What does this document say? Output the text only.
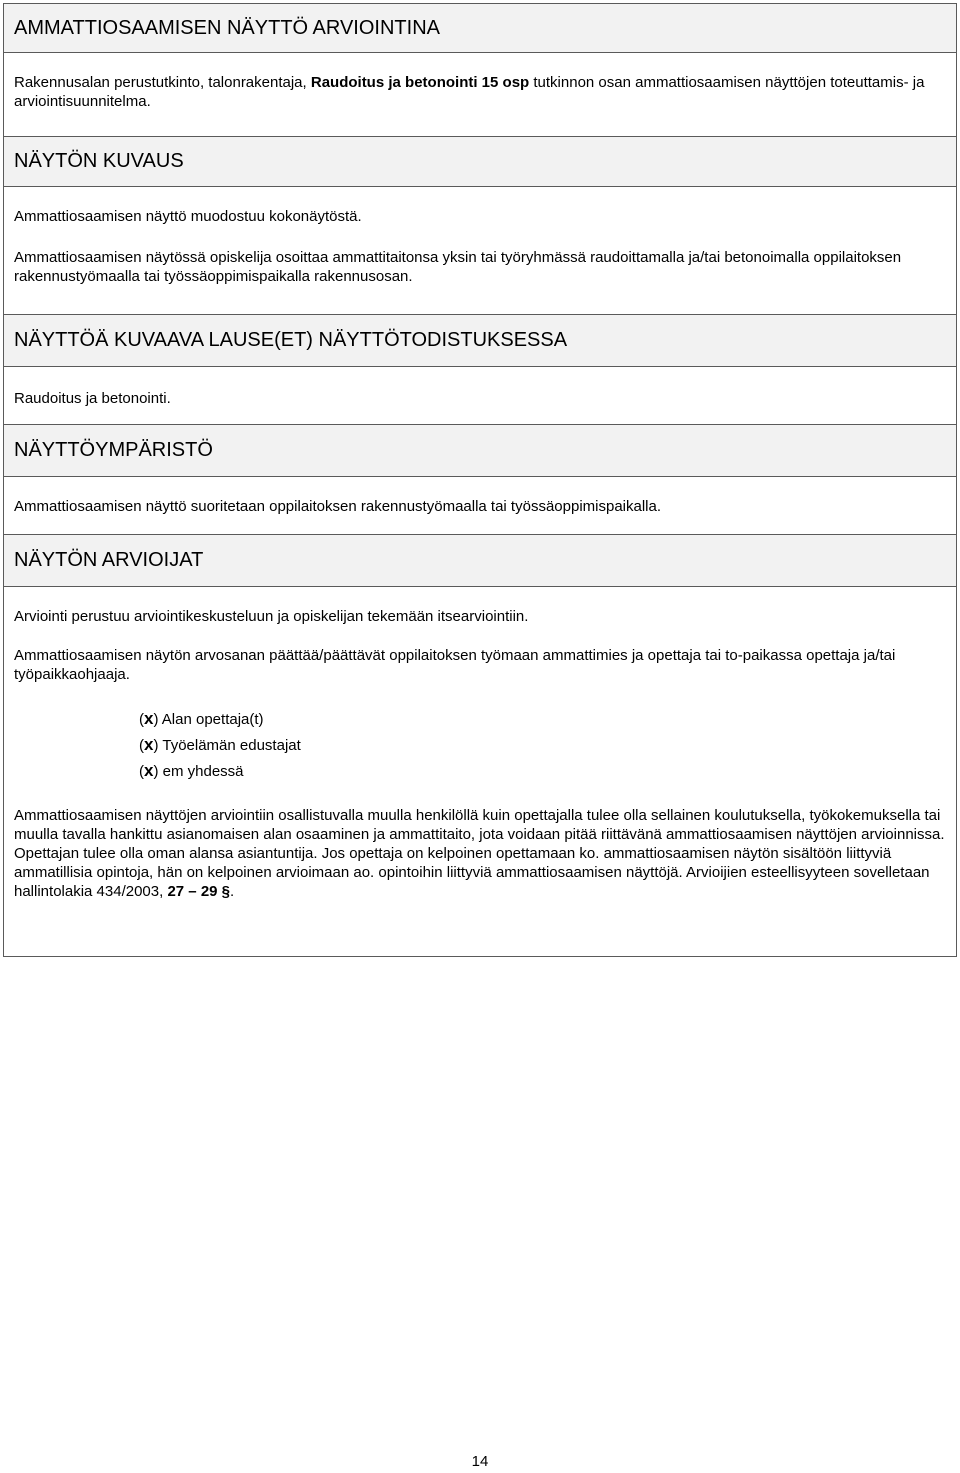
AMMATTIOSAAMISEN NÄYTTÖ ARVIOINTINA
Rakennusalan perustutkinto, talonrakentaja, Raudoitus ja betonointi 15 osp tutkinnon osan ammattiosaamisen näyttöjen toteuttamis- ja arviointisuunnitelma.
NÄYTÖN KUVAUS

Ammattiosaamisen näyttö muodostuu kokonäytöstä.

Ammattiosaamisen näytössä opiskelija osoittaa ammattitaitonsa yksin tai työryhmässä raudoittamalla ja/tai betonoimalla oppilaitoksen rakennustyömaalla tai työssäoppimispaikalla rakennusosan.

NÄYTTÖÄ KUVAAVA LAUSE(ET) NÄYTTÖTODISTUKSESSA

Raudoitus ja betonointi.

NÄYTTÖYMPÄRISTÖ

Ammattiosaamisen näyttö suoritetaan oppilaitoksen rakennustyömaalla tai työssäoppimispaikalla.

NÄYTÖN ARVIOIJAT

Arviointi perustuu arviointikeskusteluun ja opiskelijan tekemään itsearviointiin.

Ammattiosaamisen näytön arvosanan päättää/päättävät oppilaitoksen työmaan ammattimies ja opettaja tai to-paikassa opettaja ja/tai työpaikkaohjaaja.

(x) Alan opettaja(t)
(x) Työelämän edustajat
(x) em yhdessä

Ammattiosaamisen näyttöjen arviointiin osallistuvalla muulla henkilöllä kuin opettajalla tulee olla sellainen koulutuksella, työkokemuksella tai muulla tavalla hankittu asianomaisen alan osaaminen ja ammattitaito, jota voidaan pitää riittävänä ammattiosaamisen näyttöjen arvioinnissa. Opettajan tulee olla oman alansa asiantuntija. Jos opettaja on kelpoinen opettamaan ko. ammattiosaamisen näytön sisältöön liittyviä ammatillisia opintoja, hän on kelpoinen arvioimaan ao. opintoihin liittyviä ammattiosaamisen näyttöjä. Arvioijien esteellisyyteen sovelletaan hallintolakia 434/2003, 27 – 29 §.

14
